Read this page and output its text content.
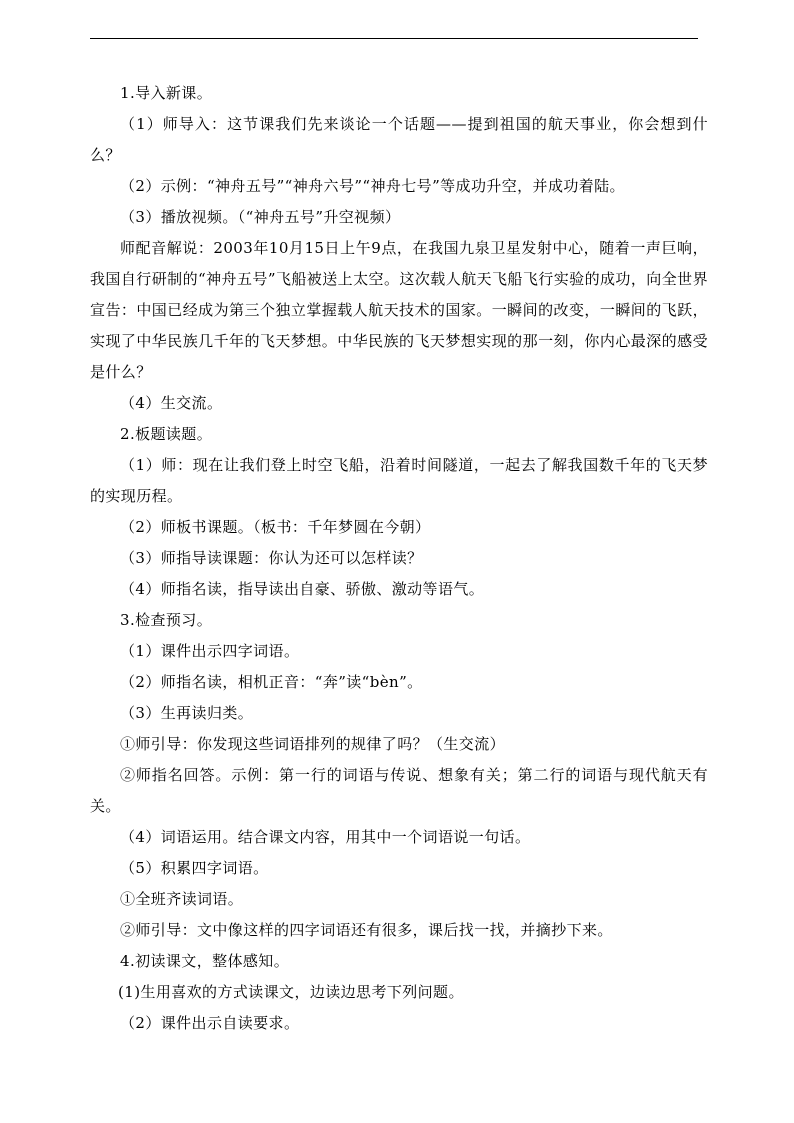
1.导入新课。

（1）师导入：这节课我们先来谈论一个话题——提到祖国的航天事业，你会想到什么？

（2）示例：“神舟五号”“神舟六号”“神舟七号”等成功升空，并成功着陆。

（3）播放视频。（“神舟五号”升空视频）

师配音解说：2003年10月15日上午9点，在我国九泉卫星发射中心，随着一声巨响，我国自行研制的“神舟五号”飞船被送上太空。这次载人航天飞船飞行实验的成功，向全世界宣告：中国已经成为第三个独立掌握载人航天技术的国家。一瞬间的改变，一瞬间的飞跃，实现了中华民族几千年的飞天梦想。中华民族的飞天梦想实现的那一刻，你内心最深的感受是什么？

（4）生交流。

2.板题读题。

（1）师：现在让我们登上时空飞船，沿着时间隧道，一起去了解我国数千年的飞天梦的实现历程。

（2）师板书课题。（板书：千年梦圆在今朝）

（3）师指导读课题：你认为还可以怎样读？

（4）师指名读，指导读出自豪、骄傲、激动等语气。

3.检查预习。

（1）课件出示四字词语。

（2）师指名读，相机正音：“奔”读“bèn”。

（3）生再读归类。

①师引导：你发现这些词语排列的规律了吗？（生交流）

②师指名回答。示例：第一行的词语与传说、想象有关；第二行的词语与现代航天有关。

（4）词语运用。结合课文内容，用其中一个词语说一句话。

（5）积累四字词语。

①全班齐读词语。

②师引导：文中像这样的四字词语还有很多，课后找一找，并摘抄下来。

4.初读课文，整体感知。

(1)生用喜欢的方式读课文，边读边思考下列问题。

（2）课件出示自读要求。
